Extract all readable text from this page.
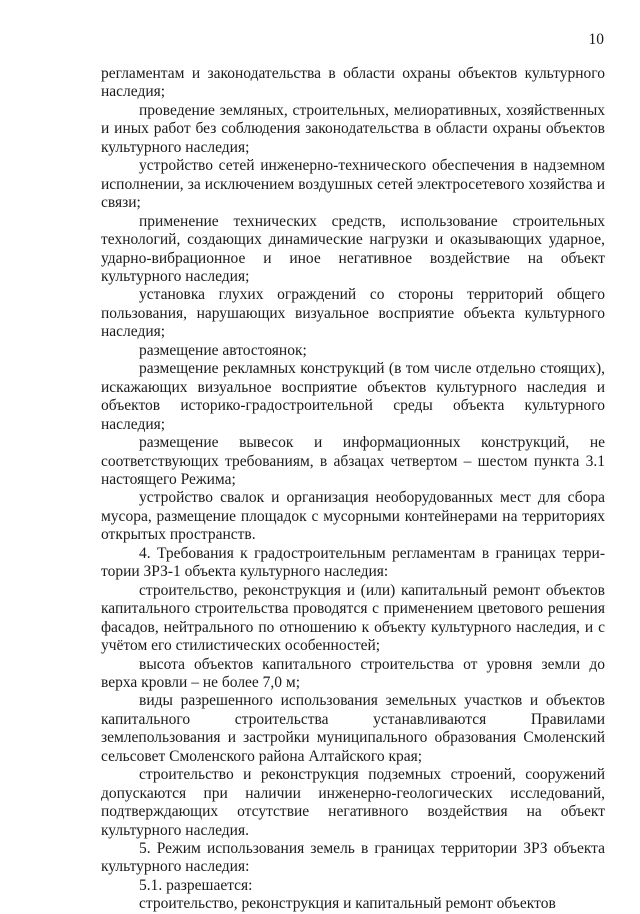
10

регламентам и законодательства в области охраны объектов культурного наследия;

проведение земляных, строительных, мелиоративных, хозяйственных и иных работ без соблюдения законодательства в области охраны объектов культурного наследия;

устройство сетей инженерно-технического обеспечения в надземном исполнении, за исключением воздушных сетей электросетевого хозяйства и связи;

применение технических средств, использование строительных технологий, создающих динамические нагрузки и оказывающих ударное, ударно-вибрационное и иное негативное воздействие на объект культурного наследия;

установка глухих ограждений со стороны территорий общего пользования, нарушающих визуальное восприятие объекта культурного наследия;

размещение автостоянок;

размещение рекламных конструкций (в том числе отдельно стоящих), искажающих визуальное восприятие объектов культурного наследия и объектов историко-градостроительной среды объекта культурного наследия;

размещение вывесок и информационных конструкций, не соответствующих требованиям, в абзацах четвертом – шестом пункта 3.1 настоящего Режима;

устройство свалок и организация необорудованных мест для сбора мусора, размещение площадок с мусорными контейнерами на территориях открытых пространств.

4. Требования к градостроительным регламентам в границах территории ЗРЗ-1 объекта культурного наследия:

строительство, реконструкция и (или) капитальный ремонт объектов капитального строительства проводятся с применением цветового решения фасадов, нейтрального по отношению к объекту культурного наследия, и с учётом его стилистических особенностей;

высота объектов капитального строительства от уровня земли до верха кровли – не более 7,0 м;

виды разрешенного использования земельных участков и объектов капитального строительства устанавливаются Правилами землепользования и застройки муниципального образования Смоленский сельсовет Смоленского района Алтайского края;

строительство и реконструкция подземных строений, сооружений допускаются при наличии инженерно-геологических исследований, подтверждающих отсутствие негативного воздействия на объект культурного наследия.

5. Режим использования земель в границах территории ЗРЗ объекта культурного наследия:

5.1. разрешается:

строительство, реконструкция и капитальный ремонт объектов
